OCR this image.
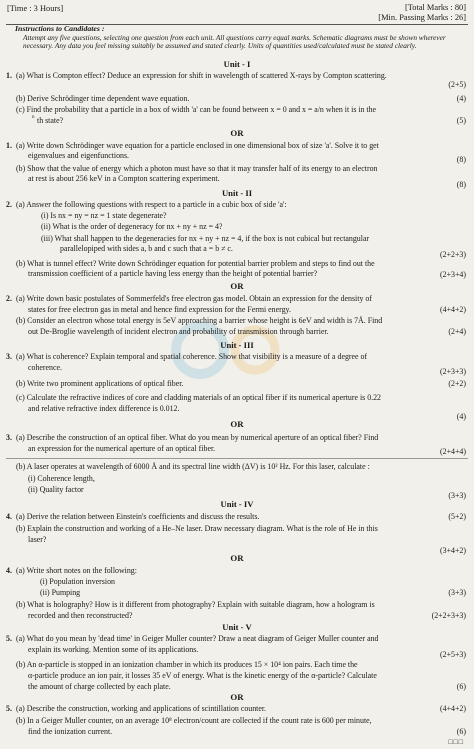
[Time : 3 Hours]	[Total Marks : 80]
[Min. Passing Marks : 26]
Instructions to Candidates :
Attempt any five questions, selecting one question from each unit. All questions carry equal marks. Schematic diagrams must be shown wherever necessary. Any data you feel missing suitably be assumed and stated clearly. Units of quantities used/calculated must be stated clearly.
Unit - I
1. (a) What is Compton effect? Deduce an expression for shift in wavelength of scattered X-rays by Compton scattering.
(2+5)
(b) Derive Schrödinger time dependent wave equation.	(4)
(c) Find the probability that a particle in a box of width 'a' can be found between x = 0 and x = a/n when it is in the
n th state?	(5)
OR
1. (a) Write down Schrödinger wave equation for a particle enclosed in one dimensional box of size 'a'. Solve it to get
eigenvalues and eigenfunctions.	(8)
(b) Show that the value of energy which a photon must have so that it may transfer half of its energy to an electron
at rest is about 256 keV in a Compton scattering experiment.
(8)
Unit - II
2. (a) Answer the following questions with respect to a particle in a cubic box of side 'a':
(i) Is nx = ny = nz = 1 state degenerate?
(ii) What is the order of degeneracy for nx + ny + nz = 4?
(iii) What shall happen to the degeneracies for nx + ny + nz = 4, if the box is not cubical but rectangular
parallelopiped with sides a, b and c such that a = b ≠ c.
(2+2+3)
(b) What is tunnel effect? Write down Schrödinger equation for potential barrier problem and steps to find out the
transmission coefficient of a particle having less energy than the height of potential barrier?	(2+3+4)
OR
2. (a) Write down basic postulates of Sommerfeld's free electron gas model. Obtain an expression for the density of
states for free electron gas in metal and hence find expression for the Fermi energy.	(4+4+2)
(b) Consider an electron whose total energy is 5eV approaching a barrier whose height is 6eV and width is 7Å. Find
out De-Broglie wavelength of incident electron and probability of transmission through barrier.	(2+4)
Unit - III
3. (a) What is coherence? Explain temporal and spatial coherence. Show that visibility is a measure of a degree of
coherence.	(2+3+3)
(b) Write two prominent applications of optical fiber.	(2+2)
(c) Calculate the refractive indices of core and cladding materials of an optical fiber if its numerical aperture is 0.22
and relative refractive index difference is 0.012.
(4)
OR
3. (a) Describe the construction of an optical fiber. What do you mean by numerical aperture of an optical fiber? Find
an expression for the numerical aperture of an optical fiber.	(2+4+4)
(b) A laser operates at wavelength of 6000 Å and its spectral line width (ΔV) is 10² Hz. For this laser, calculate :
(i) Coherence length,
(ii) Quality factor
(3+3)
Unit - IV
4. (a) Derive the relation between Einstein's coefficients and discuss the results.	(5+2)
(b) Explain the construction and working of a He–Ne laser. Draw necessary diagram. What is the role of He in this
laser?
(3+4+2)
OR
4. (a) Write short notes on the following:
(i) Population inversion
(ii) Pumping	(3+3)
(b) What is holography? How is it different from photography? Explain with suitable diagram, how a hologram is
recorded and then reconstructed?	(2+2+3+3)
Unit - V
5. (a) What do you mean by 'dead time' in Geiger Muller counter? Draw a neat diagram of Geiger Muller counter and
explain its working. Mention some of its applications.
(2+5+3)
(b) An α-particle is stopped in an ionization chamber in which its produces 15 × 10⁴ ion pairs. Each time the
α-particle produce an ion pair, it losses 35 eV of energy. What is the kinetic energy of the α-particle? Calculate
the amount of charge collected by each plate.	(6)
OR
5. (a) Describe the construction, working and applications of scintillation counter.	(4+4+2)
(b) In a Geiger Muller counter, on an average 10⁸ electron/count are collected if the count rate is 600 per minute,
find the ionization current.	(6)
□□□
